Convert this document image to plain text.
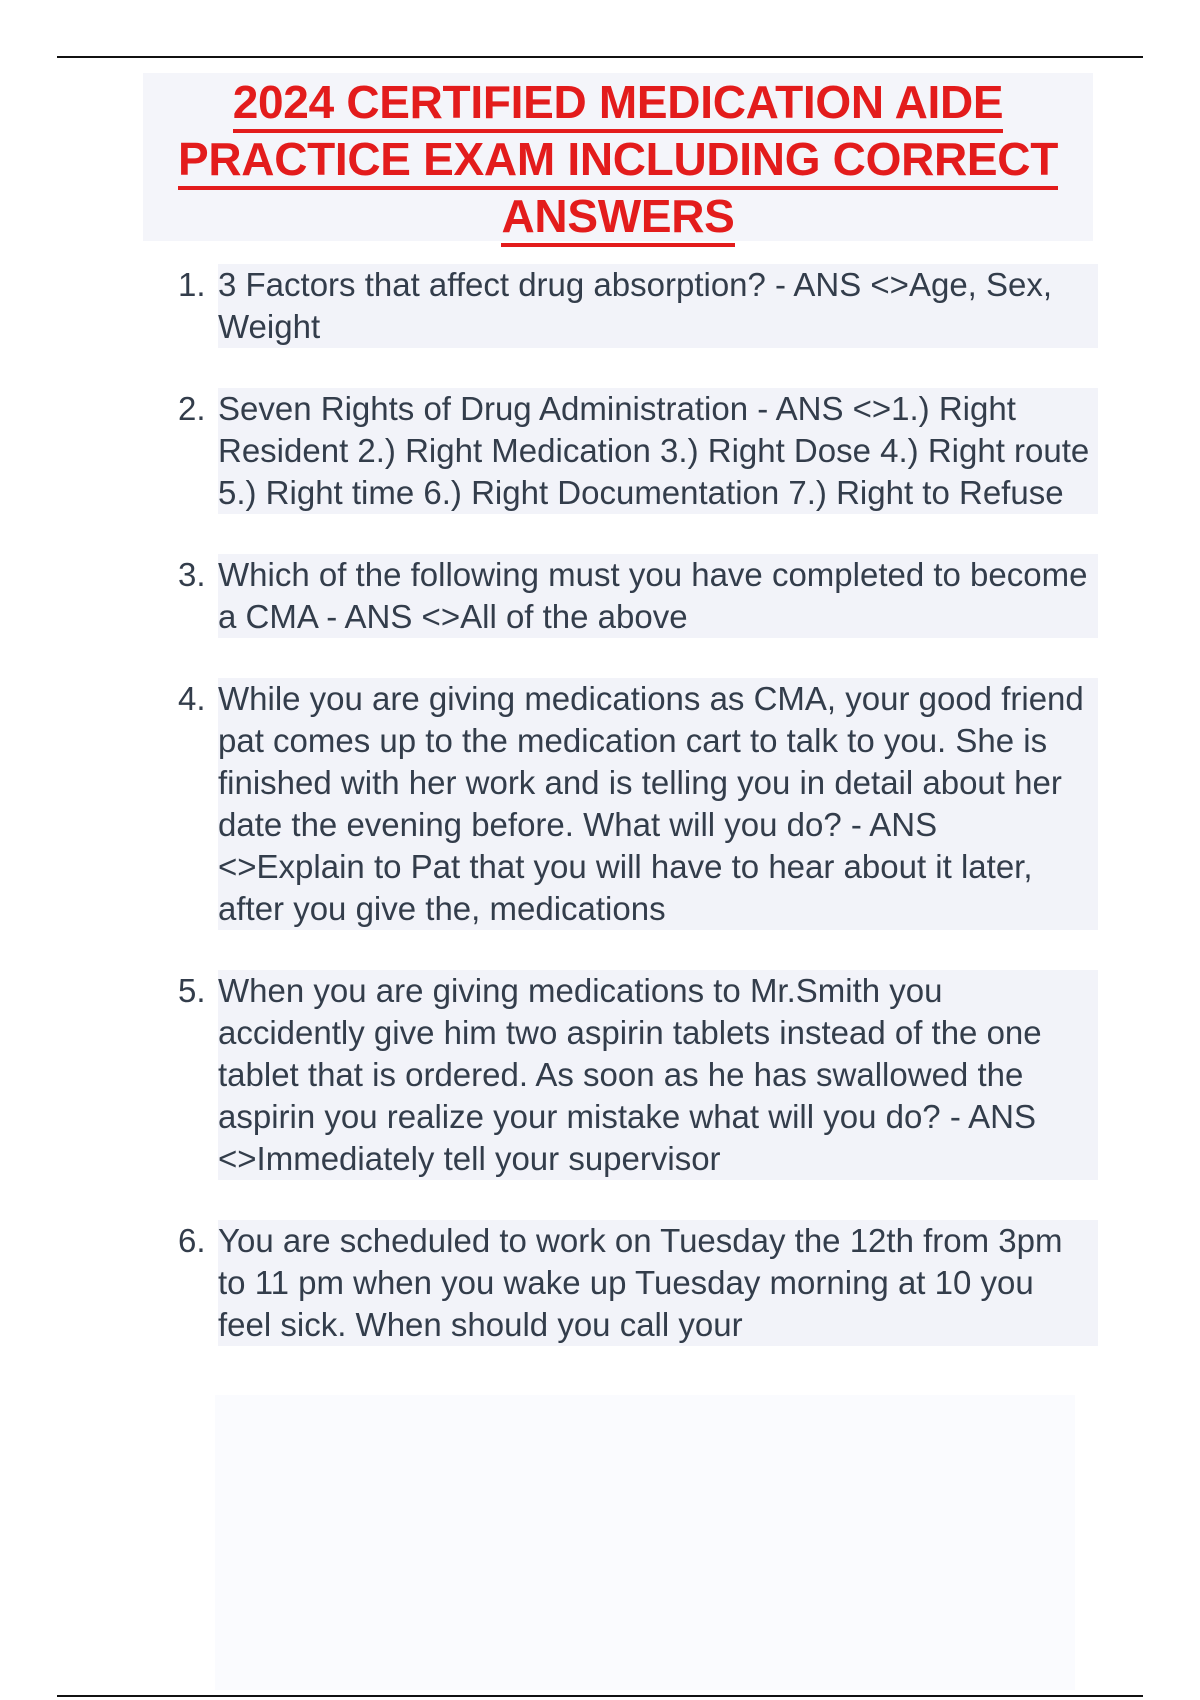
2024 CERTIFIED MEDICATION AIDE
PRACTICE EXAM INCLUDING CORRECT
ANSWERS
1. 3 Factors that affect drug absorption? - ANS <>Age, Sex, Weight
2. Seven Rights of Drug Administration - ANS <>1.) Right Resident 2.) Right Medication 3.) Right Dose 4.) Right route 5.) Right time 6.) Right Documentation 7.) Right to Refuse
3. Which of the following must you have completed to become a CMA - ANS <>All of the above
4. While you are giving medications as CMA, your good friend pat comes up to the medication cart to talk to you. She is finished with her work and is telling you in detail about her date the evening before. What will you do? - ANS <>Explain to Pat that you will have to hear about it later, after you give the, medications
5. When you are giving medications to Mr.Smith you accidently give him two aspirin tablets instead of the one tablet that is ordered. As soon as he has swallowed the aspirin you realize your mistake what will you do? - ANS <>Immediately tell your supervisor
6. You are scheduled to work on Tuesday the 12th from 3pm to 11 pm when you wake up Tuesday morning at 10 you feel sick. When should you call your
